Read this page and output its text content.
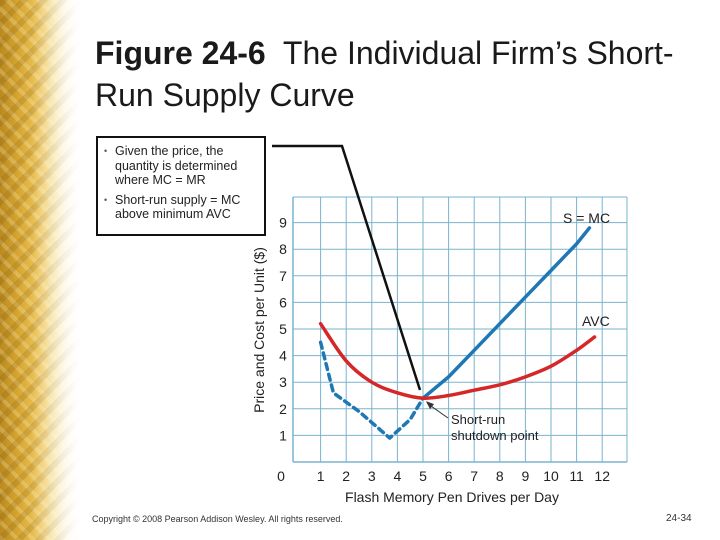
Figure 24-6 The Individual Firm’s Short-Run Supply Curve
1 2 3 4 5 6 7 8 9 10 11 12
1
2
3
4
5
6
7
8
9
0
Flash Memory Pen Drives per Day
Price and Cost per Unit ($)
S = MC
AVC
Short-run
shutdown point
• Given the price, the quantity is determined where MC = MR
• Short-run supply = MC above minimum AVC
Copyright © 2008 Pearson Addison Wesley. All rights reserved.	24-34
